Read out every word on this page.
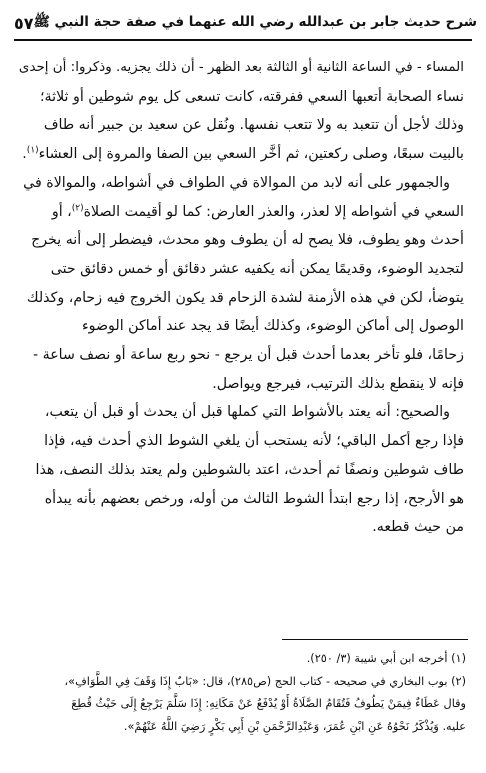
٥٧ شرح حديث جابر بن عبدالله رضي الله عنهما في صفة حجة النبي ﷺ

المساء - في الساعة الثانية أو الثالثة بعد الظهر - أن ذلك يجزيه. وذكروا: أن إحدى
نساء الصحابة أتعبها السعي ففرقته، كانت تسعى كل يوم شوطين أو ثلاثة؛
وذلك لأجل أن تتعبد به ولا تتعب نفسها. ونُقل عن سعيد بن جبير أنه طاف
بالبيت سبعًا، وصلى ركعتين، ثم أخَّر السعي بين الصفا والمروة إلى العشاء$^{(١)}$.

والجمهور على أنه لابد من الموالاة في الطواف في أشواطه، والموالاة في
السعي في أشواطه إلا لعذر، والعذر العارض: كما لو أقيمت الصلاة$^{(٢)}$، أو
أحدث وهو يطوف، فلا يصح له أن يطوف وهو محدث، فيضطر إلى أنه يخرج
لتجديد الوضوء، وقديمًا يمكن أنه يكفيه عشر دقائق أو خمس دقائق حتى
يتوضأ، لكن في هذه الأزمنة لشدة الزحام قد يكون الخروج فيه زحام، وكذلك
الوصول إلى أماكن الوضوء، وكذلك أيضًا قد يجد عند أماكن الوضوء
زحامًا، فلو تأخر بعدما أحدث قبل أن يرجع - نحو ربع ساعة أو نصف ساعة -
فإنه لا ينقطع بذلك الترتيب، فيرجع ويواصل.

والصحيح: أنه يعتد بالأشواط التي كملها قبل أن يحدث أو قبل أن يتعب،
فإذا رجع أكمل الباقي؛ لأنه يستحب أن يلغي الشوط الذي أحدث فيه، فإذا
طاف شوطين ونصفًا ثم أحدث، اعتد بالشوطين ولم يعتد بذلك النصف، هذا
هو الأرجح، إذا رجع ابتدأ الشوط الثالث من أوله، ورخص بعضهم بأنه يبدأه
من حيث قطعه.

(١) أخرجه ابن أبي شيبة (٣/ ٢٥٠).
(٢) بوب البخاري في صحيحه - كتاب الحج (ص٢٨٥)، قال: «بَابٌ إِذَا وَقَفَ فِي الطَّوَافِ»،
وقال عَطَاءٌ فِيمَنْ يَطُوفُ فَتُقَامُ الصَّلَاةُ أَوْ يُدْفَعُ عَنْ مَكَانِهِ: إِذَا سَلَّمَ يَرْجِعُ إِلَى حَيْثُ قُطِعَ
عليه. وَيُذْكَرُ نَحْوُهُ عَنِ ابْنِ عُمَرَ، وَعَبْدِالرَّحْمَنِ بْنِ أَبِي بَكْرٍ رَضِيَ اللَّهُ عَنْهُمْ».
